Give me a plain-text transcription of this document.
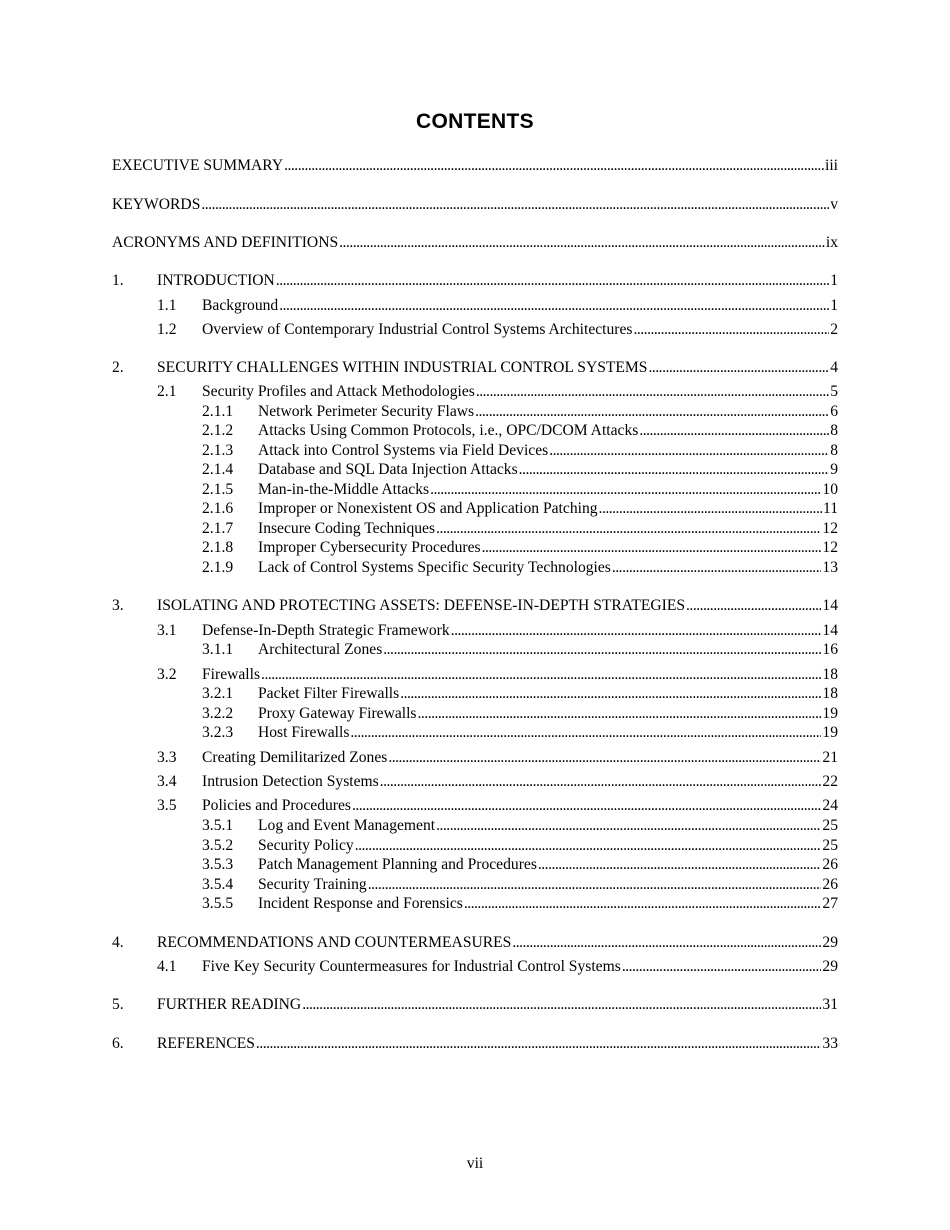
CONTENTS
EXECUTIVE SUMMARY . . .	iii
KEYWORDS . . .	v
ACRONYMS AND DEFINITIONS . . .	ix
1.	INTRODUCTION . . .	1
1.1	Background . . .	1
1.2	Overview of Contemporary Industrial Control Systems Architectures . . .	2
2.	SECURITY CHALLENGES WITHIN INDUSTRIAL CONTROL SYSTEMS . . .	4
2.1	Security Profiles and Attack Methodologies . . .	5
2.1.1	Network Perimeter Security Flaws . . .	6
2.1.2	Attacks Using Common Protocols, i.e., OPC/DCOM Attacks . . .	8
2.1.3	Attack into Control Systems via Field Devices . . .	8
2.1.4	Database and SQL Data Injection Attacks . . .	9
2.1.5	Man-in-the-Middle Attacks . . .	10
2.1.6	Improper or Nonexistent OS and Application Patching . . .	11
2.1.7	Insecure Coding Techniques . . .	12
2.1.8	Improper Cybersecurity Procedures . . .	12
2.1.9	Lack of Control Systems Specific Security Technologies . . .	13
3.	ISOLATING AND PROTECTING ASSETS: DEFENSE-IN-DEPTH STRATEGIES . . .	14
3.1	Defense-In-Depth Strategic Framework . . .	14
3.1.1	Architectural Zones . . .	16
3.2	Firewalls . . .	18
3.2.1	Packet Filter Firewalls . . .	18
3.2.2	Proxy Gateway Firewalls . . .	19
3.2.3	Host Firewalls . . .	19
3.3	Creating Demilitarized Zones . . .	21
3.4	Intrusion Detection Systems . . .	22
3.5	Policies and Procedures . . .	24
3.5.1	Log and Event Management . . .	25
3.5.2	Security Policy . . .	25
3.5.3	Patch Management Planning and Procedures . . .	26
3.5.4	Security Training . . .	26
3.5.5	Incident Response and Forensics . . .	27
4.	RECOMMENDATIONS AND COUNTERMEASURES . . .	29
4.1	Five Key Security Countermeasures for Industrial Control Systems . . .	29
5.	FURTHER READING . . .	31
6.	REFERENCES . . .	33
vii
